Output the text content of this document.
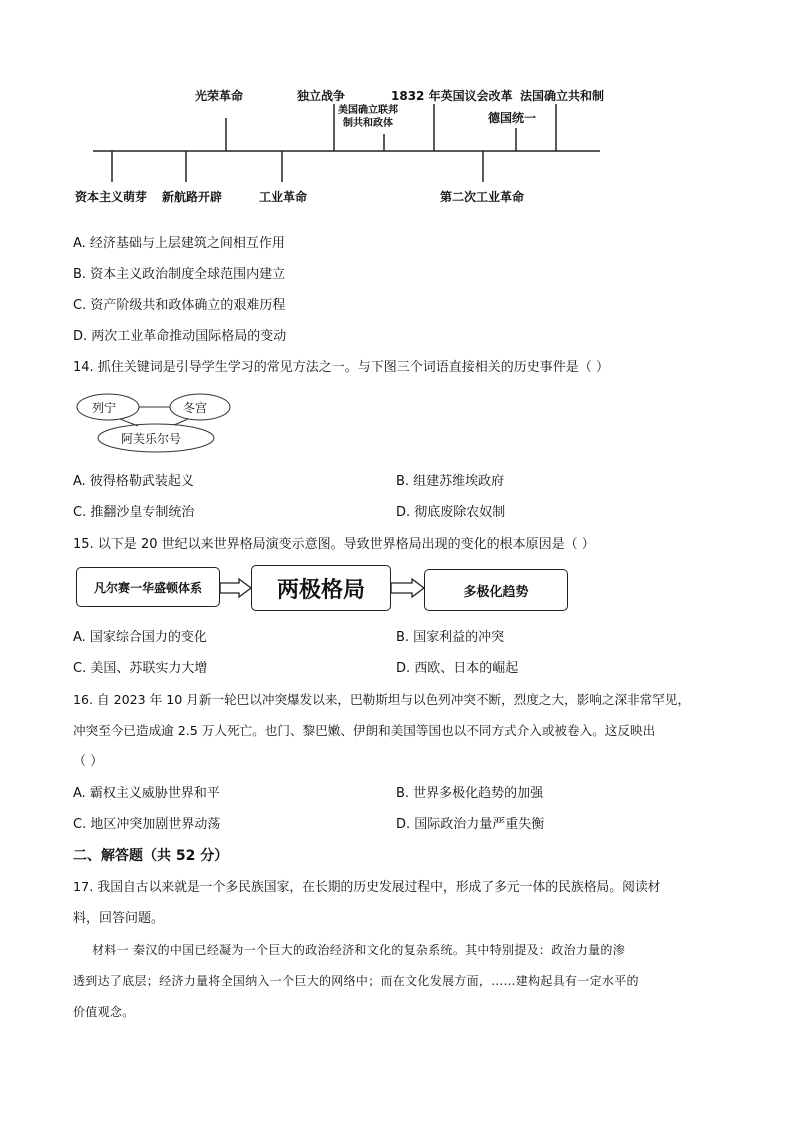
光荣革命	独立战争
美国确立联邦
制共和政体
1832 年英国议会改革 法国确立共和制
德国统一
资本主义萌芽 新航路开辟	工业革命	第二次工业革命
A. 经济基础与上层建筑之间相互作用
B. 资本主义政治制度全球范围内建立
C. 资产阶级共和政体确立的艰难历程
D. 两次工业革命推动国际格局的变动
14. 抓住关键词是引导学生学习的常见方法之一。与下图三个词语直接相关的历史事件是（ ）
列宁	冬宫
阿芙乐尔号
A. 彼得格勒武装起义	B. 组建苏维埃政府
C. 推翻沙皇专制统治	D. 彻底废除农奴制
15. 以下是 20 世纪以来世界格局演变示意图。导致世界格局出现的变化的根本原因是（ ）
凡尔赛一华盛顿体系	两极格局	多极化趋势
A. 国家综合国力的变化	B. 国家利益的冲突
C. 美国、苏联实力大增	D. 西欧、日本的崛起
16. 自 2023 年 10 月新一轮巴以冲突爆发以来，巴勒斯坦与以色列冲突不断，烈度之大，影响之深非常罕见，
冲突至今已造成逾 2.5 万人死亡。也门、黎巴嫩、伊朗和美国等国也以不同方式介入或被卷入。这反映出
（ ）
A. 霸权主义威胁世界和平	B. 世界多极化趋势的加强
C. 地区冲突加剧世界动荡	D. 国际政治力量严重失衡
二、解答题（共 52 分）
17. 我国自古以来就是一个多民族国家，在长期的历史发展过程中，形成了多元一体的民族格局。阅读材
料，回答问题。
材料一 秦汉的中国已经凝为一个巨大的政治经济和文化的复杂系统。其中特别提及：政治力量的渗
透到达了底层；经济力量将全国纳入一个巨大的网络中；而在文化发展方面，……建构起具有一定水平的
价值观念。
